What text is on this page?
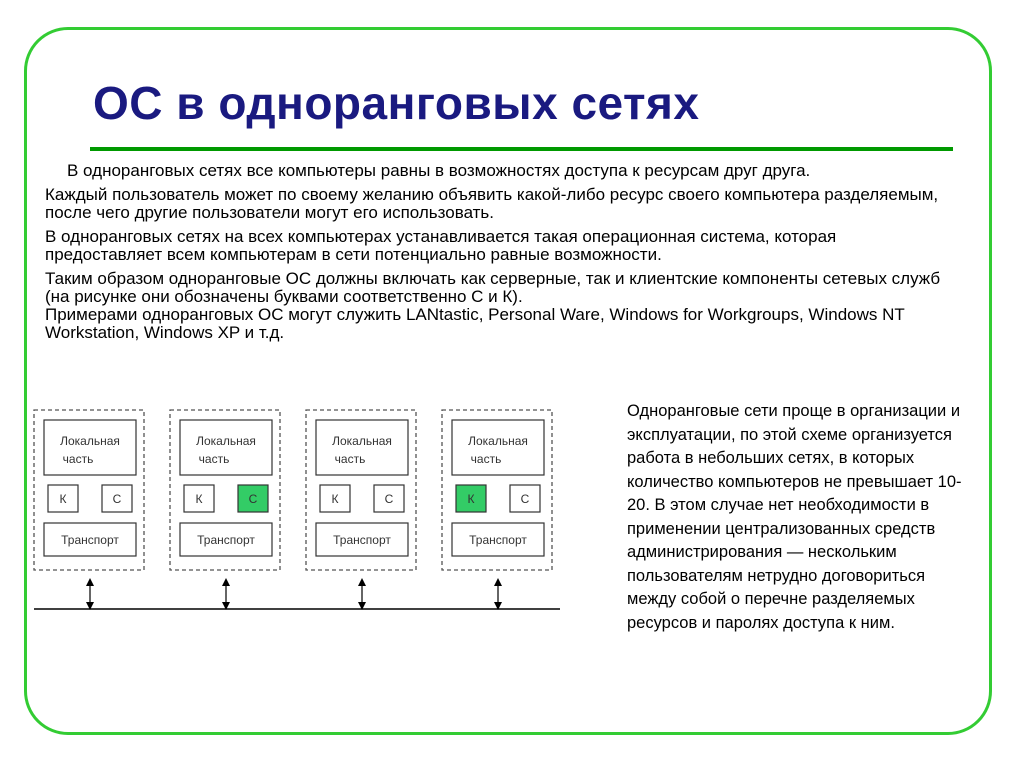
ОС в одноранговых сетях

В одноранговых сетях все компьютеры равны в возможностях доступа к ресурсам друг друга.

Каждый пользователь может по своему желанию объявить какой-либо ресурс своего компьютера разделяемым, после чего другие пользователи могут его использовать.

В одноранговых сетях на всех компьютерах устанавливается такая операционная система, которая предоставляет всем компьютерам в сети потенциально равные возможности.

Таким образом одноранговые ОС должны включать как серверные, так и клиентские компоненты сетевых служб (на рисунке они обозначены буквами соответственно С и К).

Примерами одноранговых ОС могут служить LANtastic, Personal Ware, Windows for Workgroups, Windows NT Workstation, Windows XP и т.д.

Локальная
часть
К	С
Транспорт
Локальная
часть
К	С
Транспорт
Локальная
часть
К	С
Транспорт
Локальная
часть
К	С
Транспорт
Одноранговые сети проще в организации и эксплуатации, по этой схеме организуется работа в небольших сетях, в которых количество компьютеров не превышает 10-20. В этом случае нет необходимости в применении централизованных средств администрирования — нескольким пользователям нетрудно договориться между собой о перечне разделяемых ресурсов и паролях доступа к ним.
